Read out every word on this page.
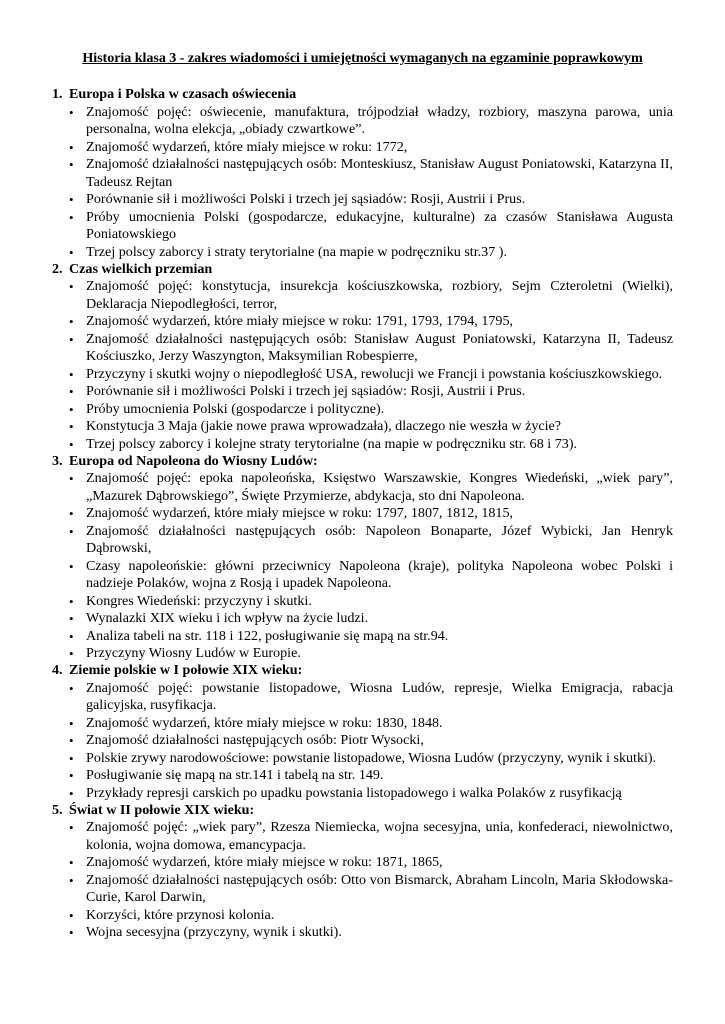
Historia klasa 3 - zakres wiadomości i umiejętności wymaganych na egzaminie poprawkowym
1. Europa i Polska w czasach oświecenia
• Znajomość pojęć: oświecenie, manufaktura, trójpodział władzy, rozbiory, maszyna parowa, unia personalna, wolna elekcja, „obiady czwartkowe”.
• Znajomość wydarzeń, które miały miejsce w roku: 1772,
• Znajomość działalności następujących osób: Monteskiusz, Stanisław August Poniatowski, Katarzyna II, Tadeusz Rejtan
• Porównanie sił i możliwości Polski i trzech jej sąsiadów: Rosji, Austrii i Prus.
• Próby umocnienia Polski (gospodarcze, edukacyjne, kulturalne) za czasów Stanisława Augusta Poniatowskiego
• Trzej polscy zaborcy i straty terytorialne (na mapie w podręczniku str.37 ).
2. Czas wielkich przemian
• Znajomość pojęć: konstytucja, insurekcja kościuszkowska, rozbiory, Sejm Czteroletni (Wielki), Deklaracja Niepodległości, terror,
• Znajomość wydarzeń, które miały miejsce w roku: 1791, 1793, 1794, 1795,
• Znajomość działalności następujących osób: Stanisław August Poniatowski, Katarzyna II, Tadeusz Kościuszko, Jerzy Waszyngton, Maksymilian Robespierre,
• Przyczyny i skutki wojny o niepodległość USA, rewolucji we Francji i powstania kościuszkowskiego.
• Porównanie sił i możliwości Polski i trzech jej sąsiadów: Rosji, Austrii i Prus.
• Próby umocnienia Polski (gospodarcze i polityczne).
• Konstytucja 3 Maja (jakie nowe prawa wprowadzała), dlaczego nie weszła w życie?
• Trzej polscy zaborcy i kolejne straty terytorialne (na mapie w podręczniku str. 68 i 73).
3. Europa od Napoleona do Wiosny Ludów:
• Znajomość pojęć: epoka napoleońska, Księstwo Warszawskie, Kongres Wiedeński, „wiek pary”, „Mazurek Dąbrowskiego”, Święte Przymierze, abdykacja, sto dni Napoleona.
• Znajomość wydarzeń, które miały miejsce w roku: 1797, 1807, 1812, 1815,
• Znajomość działalności następujących osób: Napoleon Bonaparte, Józef Wybicki, Jan Henryk Dąbrowski,
• Czasy napoleońskie: główni przeciwnicy Napoleona (kraje), polityka Napoleona wobec Polski i nadzieje Polaków, wojna z Rosją i upadek Napoleona.
• Kongres Wiedeński: przyczyny i skutki.
• Wynalazki XIX wieku i ich wpływ na życie ludzi.
• Analiza tabeli na str. 118 i 122, posługiwanie się mapą na str.94.
• Przyczyny Wiosny Ludów w Europie.
4. Ziemie polskie w I połowie XIX wieku:
• Znajomość pojęć: powstanie listopadowe, Wiosna Ludów, represje, Wielka Emigracja, rabacja galicyjska, rusyfikacja.
• Znajomość wydarzeń, które miały miejsce w roku: 1830, 1848.
• Znajomość działalności następujących osób: Piotr Wysocki,
• Polskie zrywy narodowościowe: powstanie listopadowe, Wiosna Ludów (przyczyny, wynik i skutki).
• Posługiwanie się mapą na str.141 i tabelą na str. 149.
• Przykłady represji carskich po upadku powstania listopadowego i walka Polaków z rusyfikacją
5. Świat w II połowie XIX wieku:
• Znajomość pojęć: „wiek pary”, Rzesza Niemiecka, wojna secesyjna, unia, konfederaci, niewolnictwo, kolonia, wojna domowa, emancypacja.
• Znajomość wydarzeń, które miały miejsce w roku: 1871, 1865,
• Znajomość działalności następujących osób: Otto von Bismarck, Abraham Lincoln, Maria Skłodowska-Curie, Karol Darwin,
• Korzyści, które przynosi kolonia.
• Wojna secesyjna (przyczyny, wynik i skutki).
